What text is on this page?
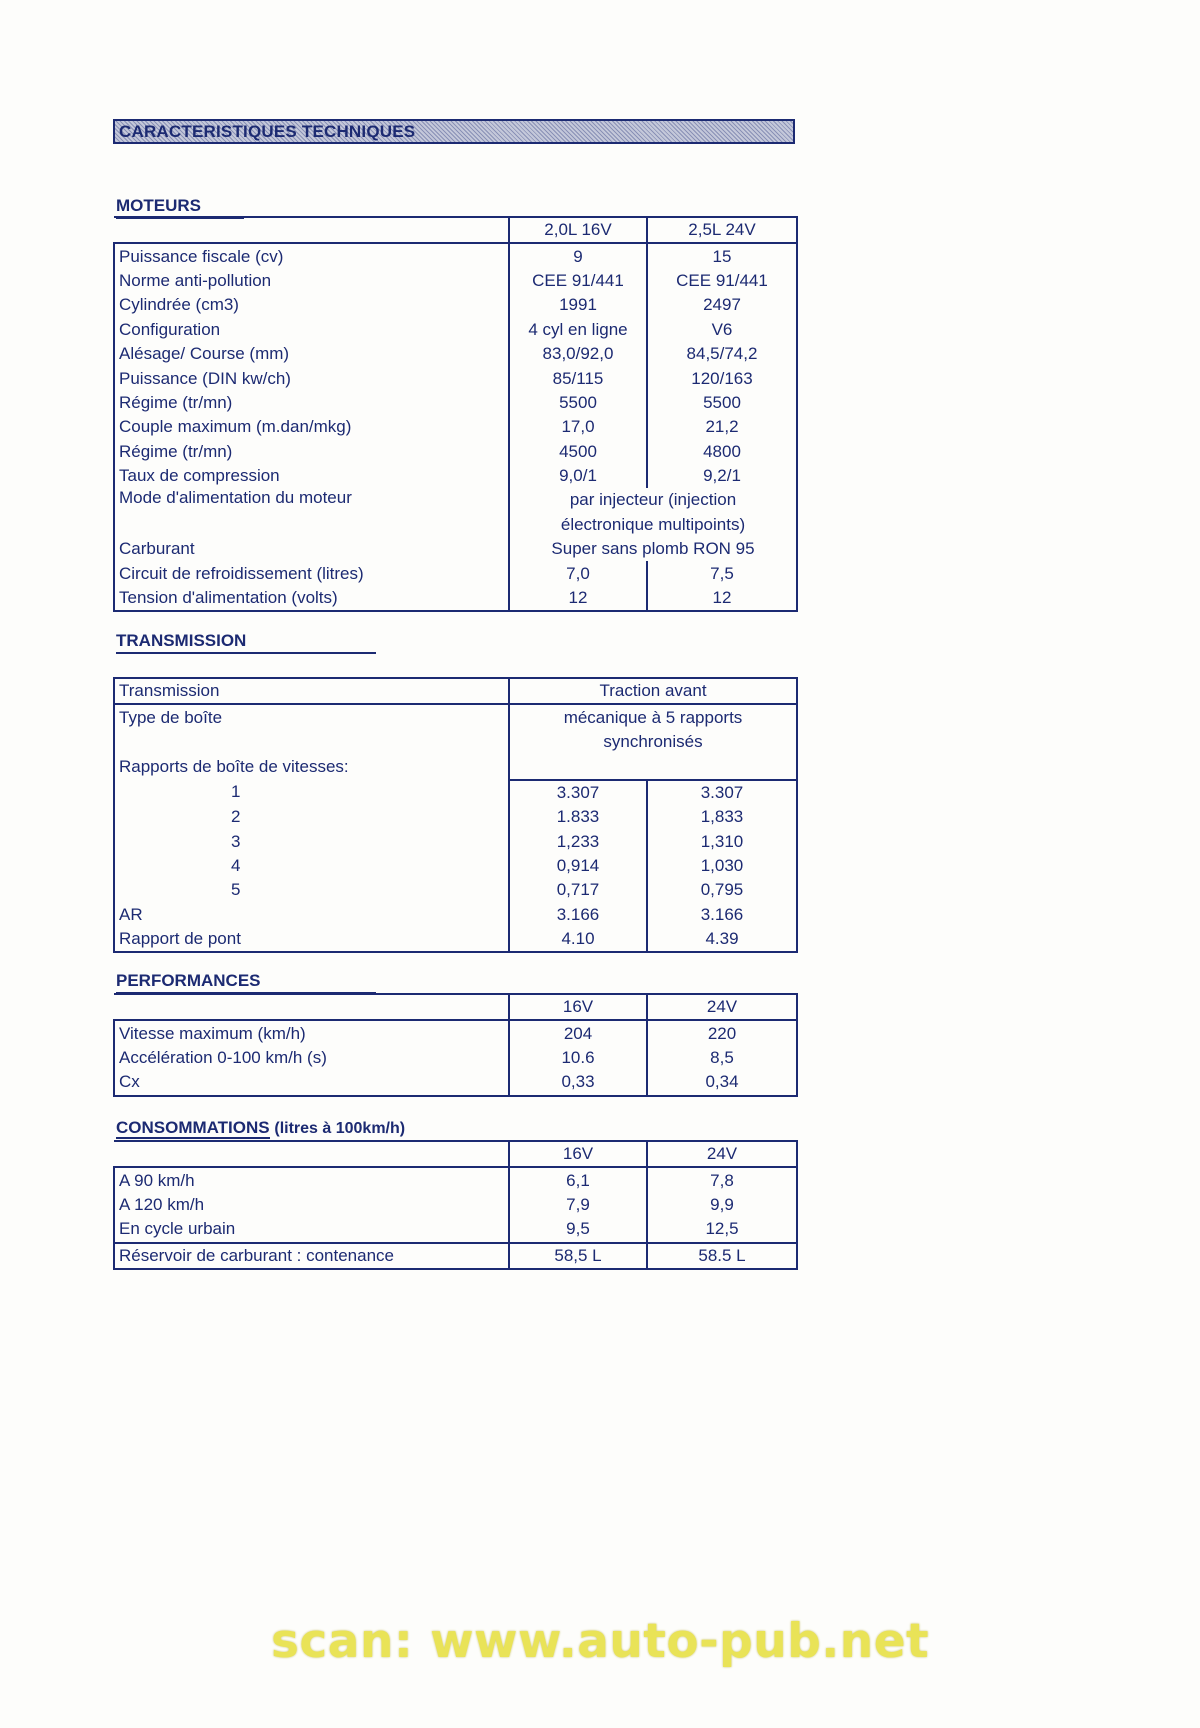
CARACTERISTIQUES TECHNIQUES
MOTEURS
	2,0L 16V	2,5L 24V
Puissance fiscale (cv)	9	15
Norme anti-pollution	CEE 91/441	CEE 91/441
Cylindrée (cm3)	1991	2497
Configuration	4 cyl en ligne	V6
Alésage/ Course (mm)	83,0/92,0	84,5/74,2
Puissance (DIN kw/ch)	85/115	120/163
Régime (tr/mn)	5500	5500
Couple maximum (m.dan/mkg)	17,0	21,2
Régime (tr/mn)	4500	4800
Taux de compression	9,0/1	9,2/1
Mode d'alimentation du moteur	par injecteur (injection	
	électronique multipoints)	
Carburant	Super sans plomb RON 95	
Circuit de refroidissement (litres)	7,0	7,5
Tension d'alimentation (volts)	12	12
TRANSMISSION
Transmission	Traction avant	
Type de boîte	mécanique à 5 rapports	
	synchronisés	
Rapports de boîte de vitesses:		
1	3.307	3.307
2	1.833	1,833
3	1,233	1,310
4	0,914	1,030
5	0,717	0,795
AR	3.166	3.166
Rapport de pont	4.10	4.39
PERFORMANCES
	16V	24V
Vitesse maximum (km/h)	204	220
Accélération 0-100 km/h (s)	10.6	8,5
Cx	0,33	0,34
CONSOMMATIONS (litres à 100km/h)
	16V	24V
A 90 km/h	6,1	7,8
A 120 km/h	7,9	9,9
En cycle urbain	9,5	12,5
Réservoir de carburant : contenance	58,5 L	58.5 L
scan: www.auto-pub.net
